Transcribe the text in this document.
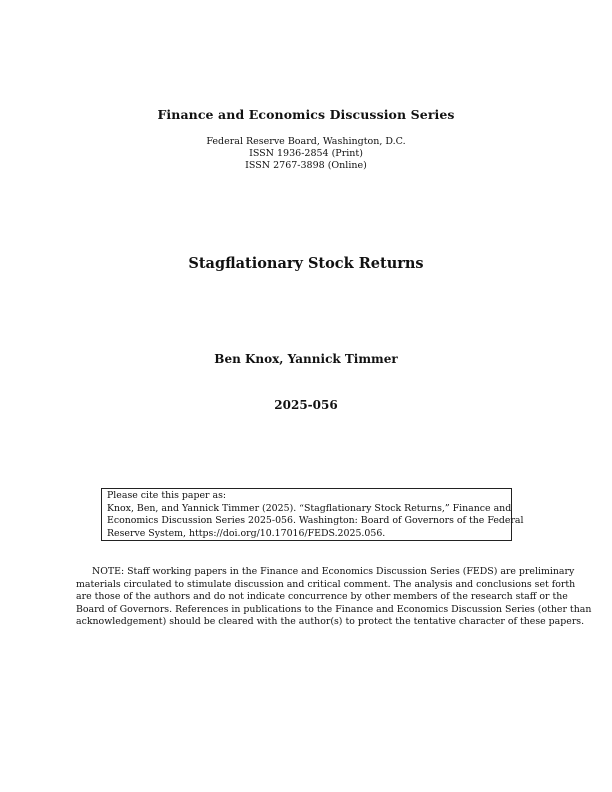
Finance and Economics Discussion Series
Federal Reserve Board, Washington, D.C.
ISSN 1936-2854 (Print)
ISSN 2767-3898 (Online)
Stagflationary Stock Returns
Ben Knox, Yannick Timmer
2025-056
Please cite this paper as:
Knox, Ben, and Yannick Timmer (2025). “Stagflationary Stock Returns,” Finance and
Economics Discussion Series 2025-056. Washington: Board of Governors of the Federal
Reserve System, https://doi.org/10.17016/FEDS.2025.056.
NOTE: Staff working papers in the Finance and Economics Discussion Series (FEDS) are preliminary
materials circulated to stimulate discussion and critical comment. The analysis and conclusions set forth
are those of the authors and do not indicate concurrence by other members of the research staff or the
Board of Governors. References in publications to the Finance and Economics Discussion Series (other than
acknowledgement) should be cleared with the author(s) to protect the tentative character of these papers.
